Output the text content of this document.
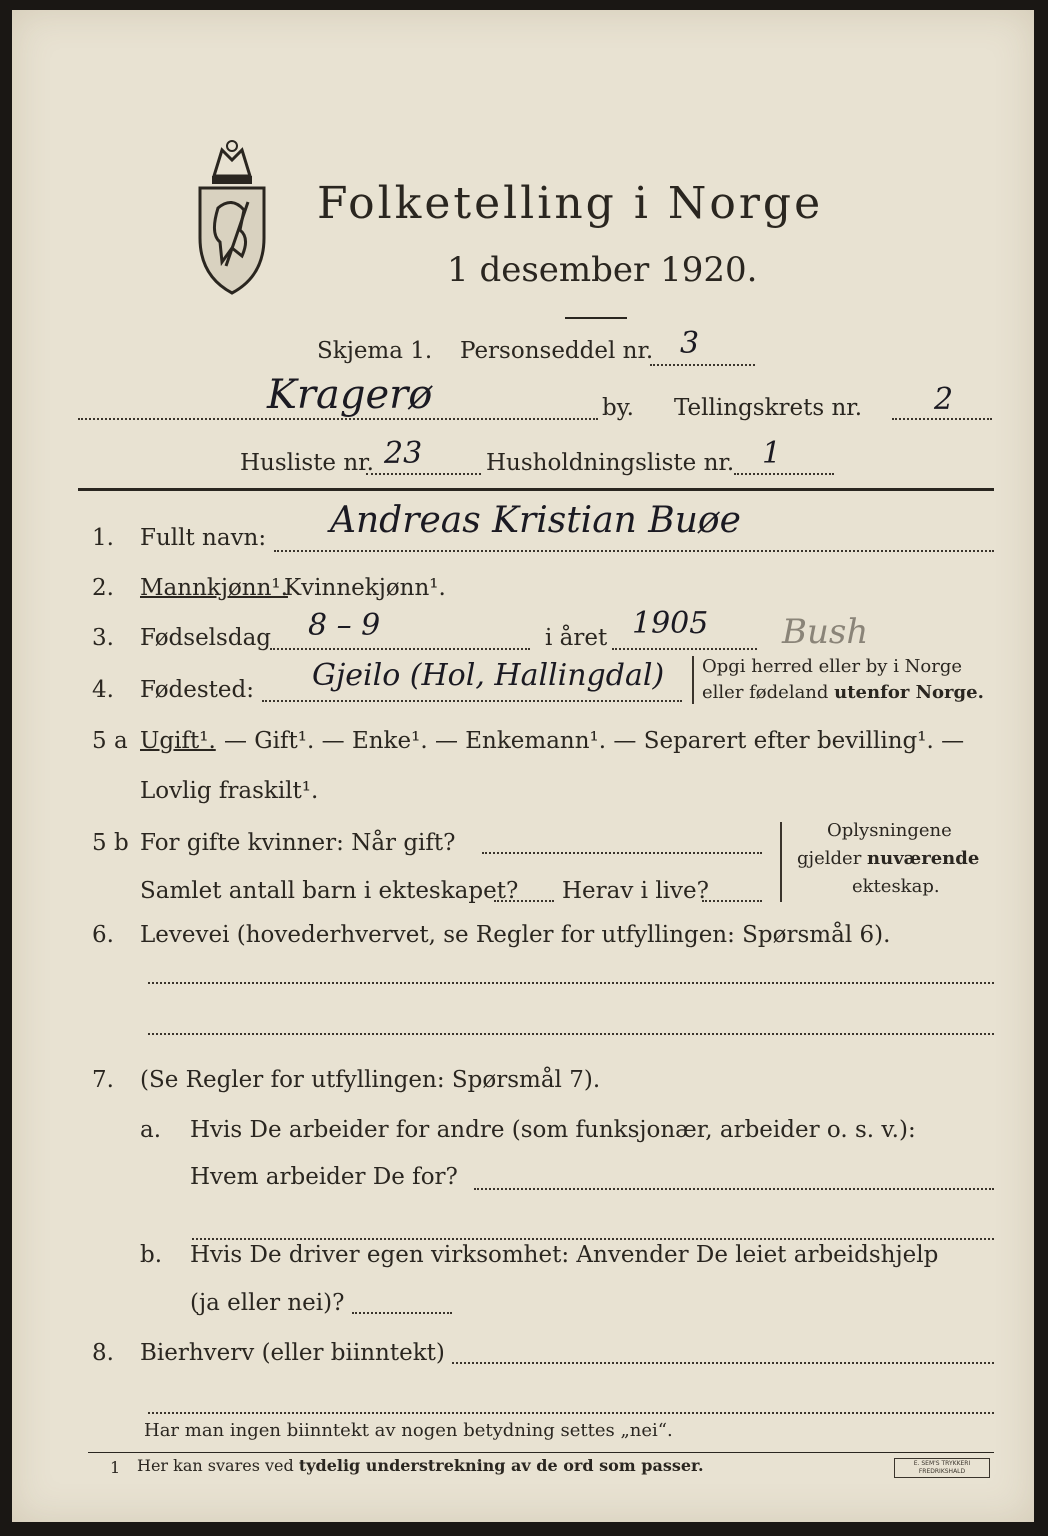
Folketelling i Norge
1 desember 1920.
Skjema 1. Personseddel nr. 3
Kragerø	by. Tellingskrets nr. 2
Husliste nr. 23	Husholdningsliste nr. 1
1. Fullt navn: Andreas Kristian Buøe
2. Mannkjønn¹.
Kvinnekjønn¹.
3. Fødselsdag 8 – 9	i året 1905 Bush
4. Fødested: Gjeilo (Hol, Hallingdal) Opgi herred eller by i Norge
eller fødeland utenfor Norge.
5 a Ugift¹. — Gift¹. — Enke¹. — Enkemann¹. — Separert efter bevilling¹. —
Lovlig fraskilt¹.
5 b For gifte kvinner: Når gift?
Samlet antall barn i ekteskapet? Herav i live?
Oplysningene
gjelder nuværende
ekteskap.
6. Levevei (hovederhvervet, se Regler for utfyllingen: Spørsmål 6).
7. (Se Regler for utfyllingen: Spørsmål 7).
a. Hvis De arbeider for andre (som funksjonær, arbeider o. s. v.):
Hvem arbeider De for?
b. Hvis De driver egen virksomhet: Anvender De leiet arbeidshjelp
(ja eller nei)?
8. Bierhverv (eller biinntekt)
Har man ingen biinntekt av nogen betydning settes „nei“.
1 Her kan svares ved tydelig understrekning av de ord som passer.	E. SEM'S TRYKKERI FREDRIKSHALD
